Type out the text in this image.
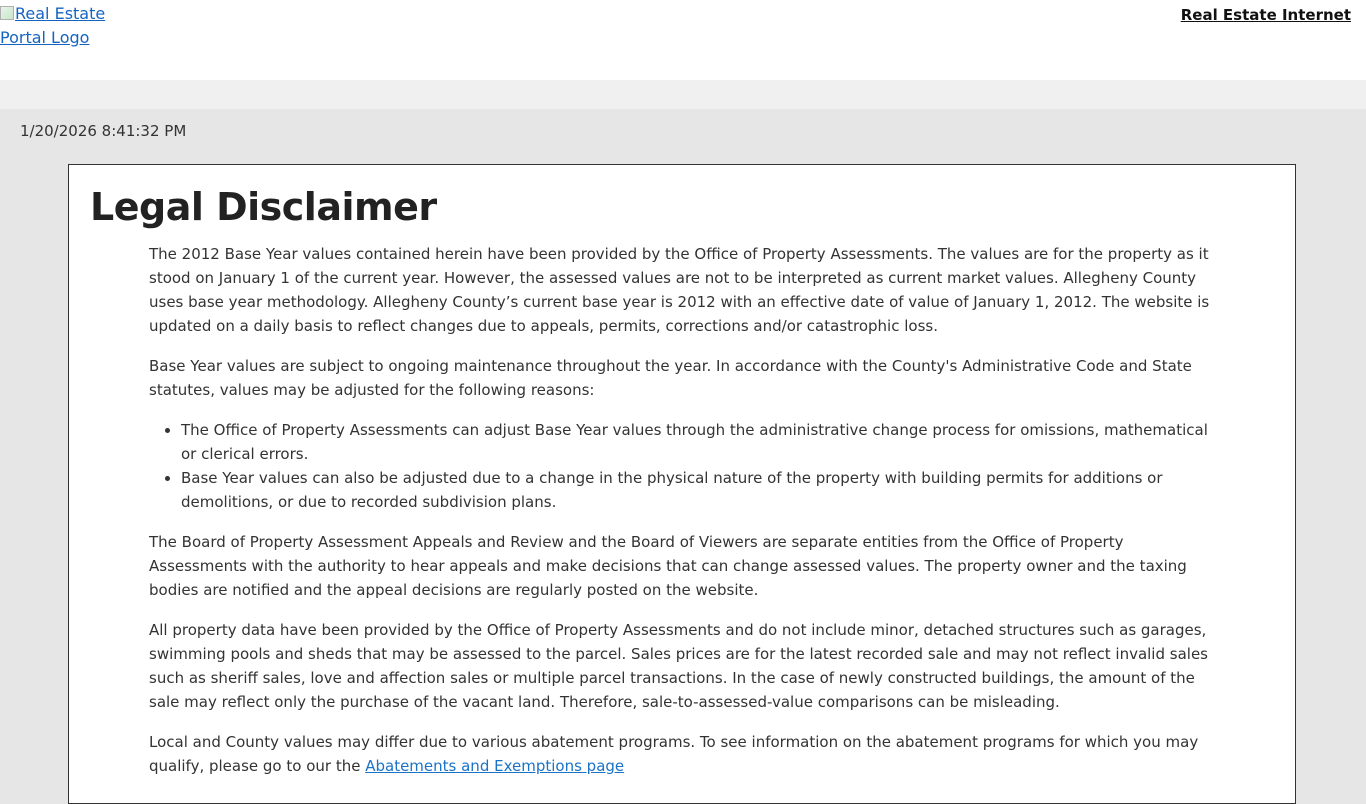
Real Estate Portal Logo
Real Estate Internet
1/20/2026 8:41:32 PM
Legal Disclaimer

The 2012 Base Year values contained herein have been provided by the Office of Property Assessments. The values are for the property as it stood on January 1 of the current year. However, the assessed values are not to be interpreted as current market values. Allegheny County uses base year methodology. Allegheny County’s current base year is 2012 with an effective date of value of January 1, 2012. The website is updated on a daily basis to reflect changes due to appeals, permits, corrections and/or catastrophic loss.

Base Year values are subject to ongoing maintenance throughout the year. In accordance with the County's Administrative Code and State statutes, values may be adjusted for the following reasons:

• The Office of Property Assessments can adjust Base Year values through the administrative change process for omissions, mathematical or clerical errors.
• Base Year values can also be adjusted due to a change in the physical nature of the property with building permits for additions or demolitions, or due to recorded subdivision plans.

The Board of Property Assessment Appeals and Review and the Board of Viewers are separate entities from the Office of Property Assessments with the authority to hear appeals and make decisions that can change assessed values. The property owner and the taxing bodies are notified and the appeal decisions are regularly posted on the website.

All property data have been provided by the Office of Property Assessments and do not include minor, detached structures such as garages, swimming pools and sheds that may be assessed to the parcel. Sales prices are for the latest recorded sale and may not reflect invalid sales such as sheriff sales, love and affection sales or multiple parcel transactions. In the case of newly constructed buildings, the amount of the sale may reflect only the purchase of the vacant land. Therefore, sale-to-assessed-value comparisons can be misleading.

Local and County values may differ due to various abatement programs. To see information on the abatement programs for which you may qualify, please go to our the Abatements and Exemptions page
